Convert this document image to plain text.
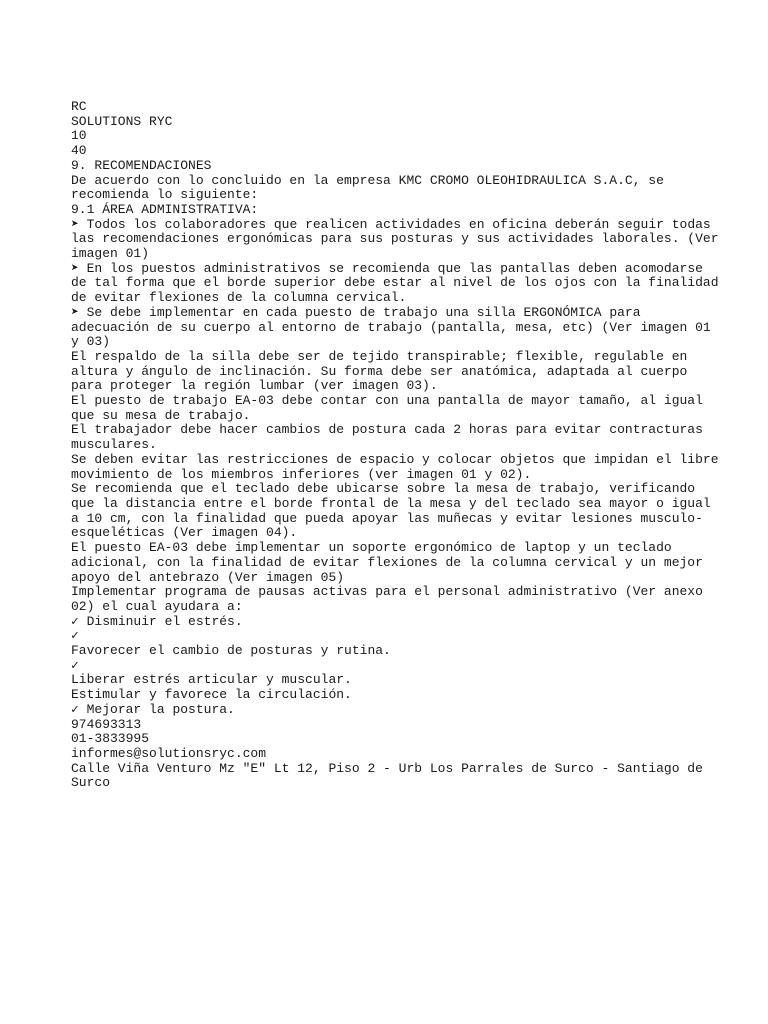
RC
SOLUTIONS RYC
10
40
9. RECOMENDACIONES
De acuerdo con lo concluido en la empresa KMC CROMO OLEOHIDRAULICA S.A.C, se
recomienda lo siguiente:
9.1 ÁREA ADMINISTRATIVA:
➤ Todos los colaboradores que realicen actividades en oficina deberán seguir todas
las recomendaciones ergonómicas para sus posturas y sus actividades laborales. (Ver
imagen 01)
➤ En los puestos administrativos se recomienda que las pantallas deben acomodarse
de tal forma que el borde superior debe estar al nivel de los ojos con la finalidad
de evitar flexiones de la columna cervical.
➤ Se debe implementar en cada puesto de trabajo una silla ERGONÓMICA para
adecuación de su cuerpo al entorno de trabajo (pantalla, mesa, etc) (Ver imagen 01
y 03)
El respaldo de la silla debe ser de tejido transpirable; flexible, regulable en
altura y ángulo de inclinación. Su forma debe ser anatómica, adaptada al cuerpo
para proteger la región lumbar (ver imagen 03).
El puesto de trabajo EA-03 debe contar con una pantalla de mayor tamaño, al igual
que su mesa de trabajo.
El trabajador debe hacer cambios de postura cada 2 horas para evitar contracturas
musculares.
Se deben evitar las restricciones de espacio y colocar objetos que impidan el libre
movimiento de los miembros inferiores (ver imagen 01 y 02).
Se recomienda que el teclado debe ubicarse sobre la mesa de trabajo, verificando
que la distancia entre el borde frontal de la mesa y del teclado sea mayor o igual
a 10 cm, con la finalidad que pueda apoyar las muñecas y evitar lesiones musculo-
esqueléticas (Ver imagen 04).
El puesto EA-03 debe implementar un soporte ergonómico de laptop y un teclado
adicional, con la finalidad de evitar flexiones de la columna cervical y un mejor
apoyo del antebrazo (Ver imagen 05)
Implementar programa de pausas activas para el personal administrativo (Ver anexo
02) el cual ayudara a:
✓ Disminuir el estrés.
✓
Favorecer el cambio de posturas y rutina.
✓
Liberar estrés articular y muscular.
Estimular y favorece la circulación.
✓ Mejorar la postura.
974693313
01-3833995
informes@solutionsryc.com
Calle Viña Venturo Mz "E" Lt 12, Piso 2 - Urb Los Parrales de Surco - Santiago de
Surco
